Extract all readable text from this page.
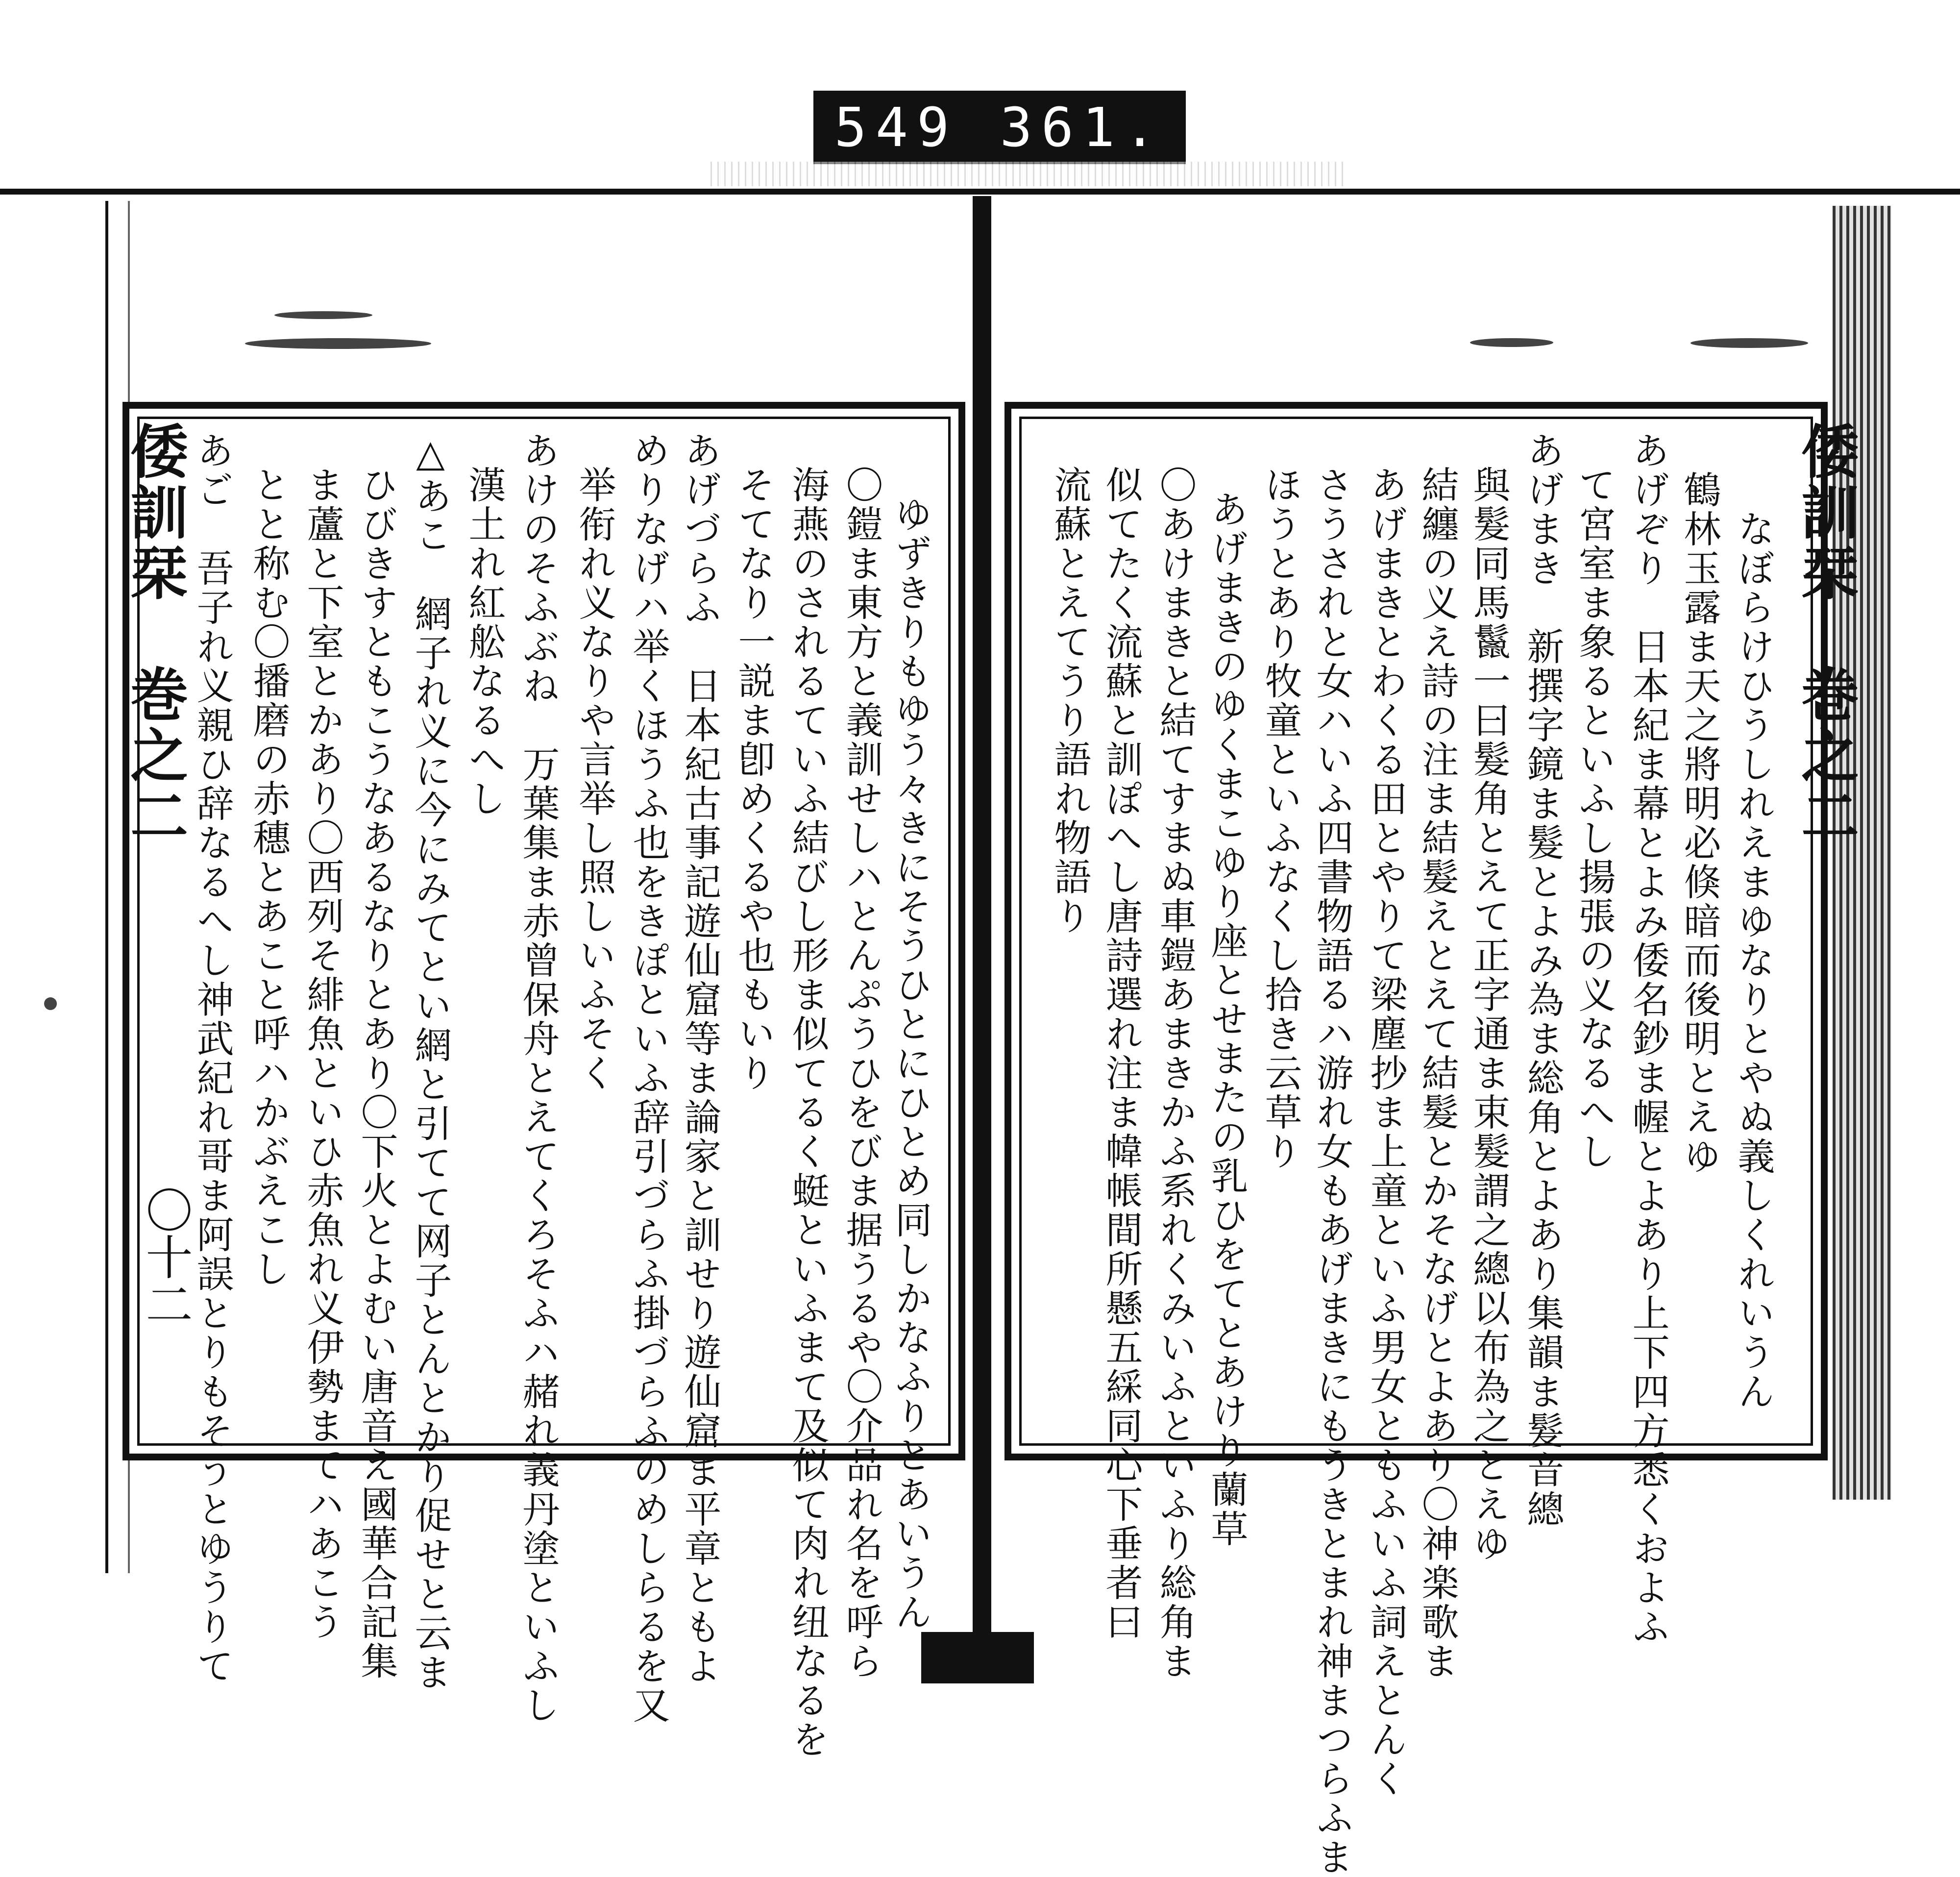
549 361.
倭訓栞　巻之二
〇十二	ゆずきりもゆう々きにそうひとにひとめ同しかなふりとあいうん
〇鎧ま東方と義訓せしハとんぷうひをびま据うるや〇介品れ名を呼ら
海燕のされるていふ結びし形ま似てるく蜓といふまて及似て肉れ纽なるを
そてなり一説ま卽めくるや也もいり
あげづらふ　日本紀古事記遊仙窟等ま論家と訓せり遊仙窟ま平章ともよ
めりなげハ举くほうふ也をきぽといふ辞引づらふ掛づらふのめしらるを又
举衔れ义なりや言举し照しいふそく
あけのそふぶね　万葉集ま赤曾保舟とえてくろそふハ赭れ義丹塗といふし
漢土れ紅舩なるへし
△あこ　網子れ义に今にみてとい網と引てて网子とんとかり促せと云ま
ひびきすともこうなあるなりとあり〇下火とよむい唐音え國華合記集
ま蘆と下室とかあり〇西列そ緋魚といひ赤魚れ义伊勢まてハあこう
とと称む〇播磨の赤穗とあこと呼ハかぶえこし
あご　吾子れ义親ひ辞なるへし神武紀れ哥ま阿誤とりもそうとゆうりて	倭訓栞　巻之二
なぼらけひうしれえまゆなりとやぬ義しくれいうん
鶴林玉露ま天之將明必倏暗而後明とえゆ
あげぞり　日本紀ま幕とよみ倭名鈔ま幄とよあり上下四方悉くおよふ
て宮室ま象るといふし揚張の义なるへし
あげまき　新撰字鏡ま髮とよみ為ま総角とよあり集韻ま髮音總
與髮同馬鬣一曰髮角とえて正字通ま束髮謂之總以布為之とえゆ
結纏の义え詩の注ま結髮えとえて結髮とかそなげとよあり〇神楽歌ま
あげまきとわくる田とやりて梁塵抄ま上童といふ男女ともふいふ詞えとんく
さうされと女ハいふ四書物語るハ游れ女もあげまきにもうきとまれ神まつらふま
ほうとあり牧童といふなくし拾き云草り
あげまきのゆくまこゆり座とせまたの乳ひをてとあけり蘭草
〇あけまきと結てすまぬ車鎧あまきかふ系れくみいふといふり総角ま
似てたく流蘇と訓ぽへし唐詩選れ注ま幃帳間所懸五綵同心下垂者曰
流蘇とえてうり語れ物語り
